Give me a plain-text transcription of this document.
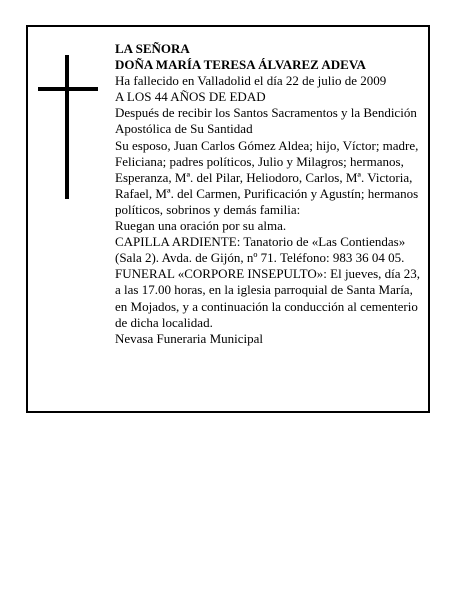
LA SEÑORA

DOÑA MARÍA TERESA ÁLVAREZ ADEVA

Ha fallecido en Valladolid el día 22 de julio de 2009

A LOS 44 AÑOS DE EDAD

Después de recibir los Santos Sacramentos y la Bendición Apostólica de Su Santidad

Su esposo, Juan Carlos Gómez Aldea; hijo, Víctor; madre, Feliciana; padres políticos, Julio y Milagros; hermanos, Esperanza, Mª. del Pilar, Heliodoro, Carlos, Mª. Victoria, Rafael, Mª. del Carmen, Purificación y Agustín; hermanos políticos, sobrinos y demás familia:

Ruegan una oración por su alma.

CAPILLA ARDIENTE: Tanatorio de «Las Contiendas» (Sala 2). Avda. de Gijón, nº 71. Teléfono: 983 36 04 05.

FUNERAL «CORPORE INSEPULTO»: El jueves, día 23, a las 17.00 horas, en la iglesia parroquial de Santa María, en Mojados, y a continuación la conducción al cementerio de dicha localidad.

Nevasa Funeraria Municipal
